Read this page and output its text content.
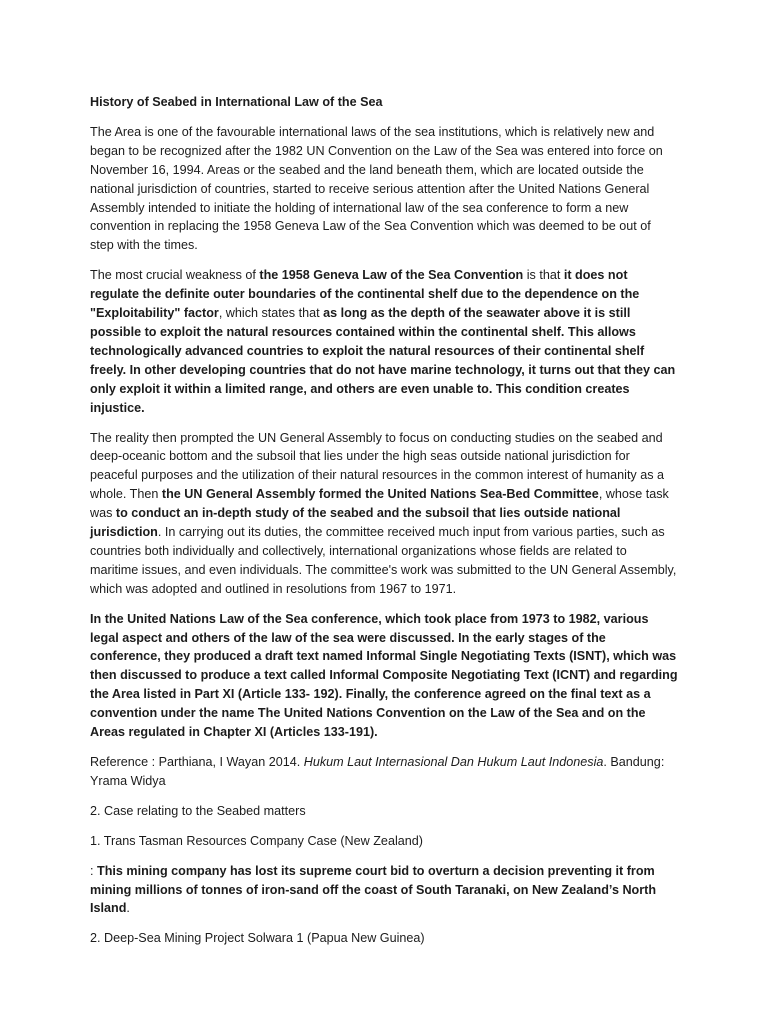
History of Seabed in International Law of the Sea

The Area is one of the favourable international laws of the sea institutions, which is relatively new and began to be recognized after the 1982 UN Convention on the Law of the Sea was entered into force on November 16, 1994. Areas or the seabed and the land beneath them, which are located outside the national jurisdiction of countries, started to receive serious attention after the United Nations General Assembly intended to initiate the holding of international law of the sea conference to form a new convention in replacing the 1958 Geneva Law of the Sea Convention which was deemed to be out of step with the times.

The most crucial weakness of the 1958 Geneva Law of the Sea Convention is that it does not regulate the definite outer boundaries of the continental shelf due to the dependence on the "Exploitability" factor, which states that as long as the depth of the seawater above it is still possible to exploit the natural resources contained within the continental shelf. This allows technologically advanced countries to exploit the natural resources of their continental shelf freely. In other developing countries that do not have marine technology, it turns out that they can only exploit it within a limited range, and others are even unable to. This condition creates injustice.

The reality then prompted the UN General Assembly to focus on conducting studies on the seabed and deep-oceanic bottom and the subsoil that lies under the high seas outside national jurisdiction for peaceful purposes and the utilization of their natural resources in the common interest of humanity as a whole. Then the UN General Assembly formed the United Nations Sea-Bed Committee, whose task was to conduct an in-depth study of the seabed and the subsoil that lies outside national jurisdiction. In carrying out its duties, the committee received much input from various parties, such as countries both individually and collectively, international organizations whose fields are related to maritime issues, and even individuals. The committee's work was submitted to the UN General Assembly, which was adopted and outlined in resolutions from 1967 to 1971.

In the United Nations Law of the Sea conference, which took place from 1973 to 1982, various legal aspect and others of the law of the sea were discussed. In the early stages of the conference, they produced a draft text named Informal Single Negotiating Texts (ISNT), which was then discussed to produce a text called Informal Composite Negotiating Text (ICNT) and regarding the Area listed in Part XI (Article 133- 192). Finally, the conference agreed on the final text as a convention under the name The United Nations Convention on the Law of the Sea and on the Areas regulated in Chapter XI (Articles 133-191).

Reference : Parthiana, I Wayan 2014. Hukum Laut Internasional Dan Hukum Laut Indonesia. Bandung: Yrama Widya

2. Case relating to the Seabed matters

1. Trans Tasman Resources Company Case (New Zealand)

: This mining company has lost its supreme court bid to overturn a decision preventing it from mining millions of tonnes of iron-sand off the coast of South Taranaki, on New Zealand’s North Island.

2. Deep-Sea Mining Project Solwara 1 (Papua New Guinea)
